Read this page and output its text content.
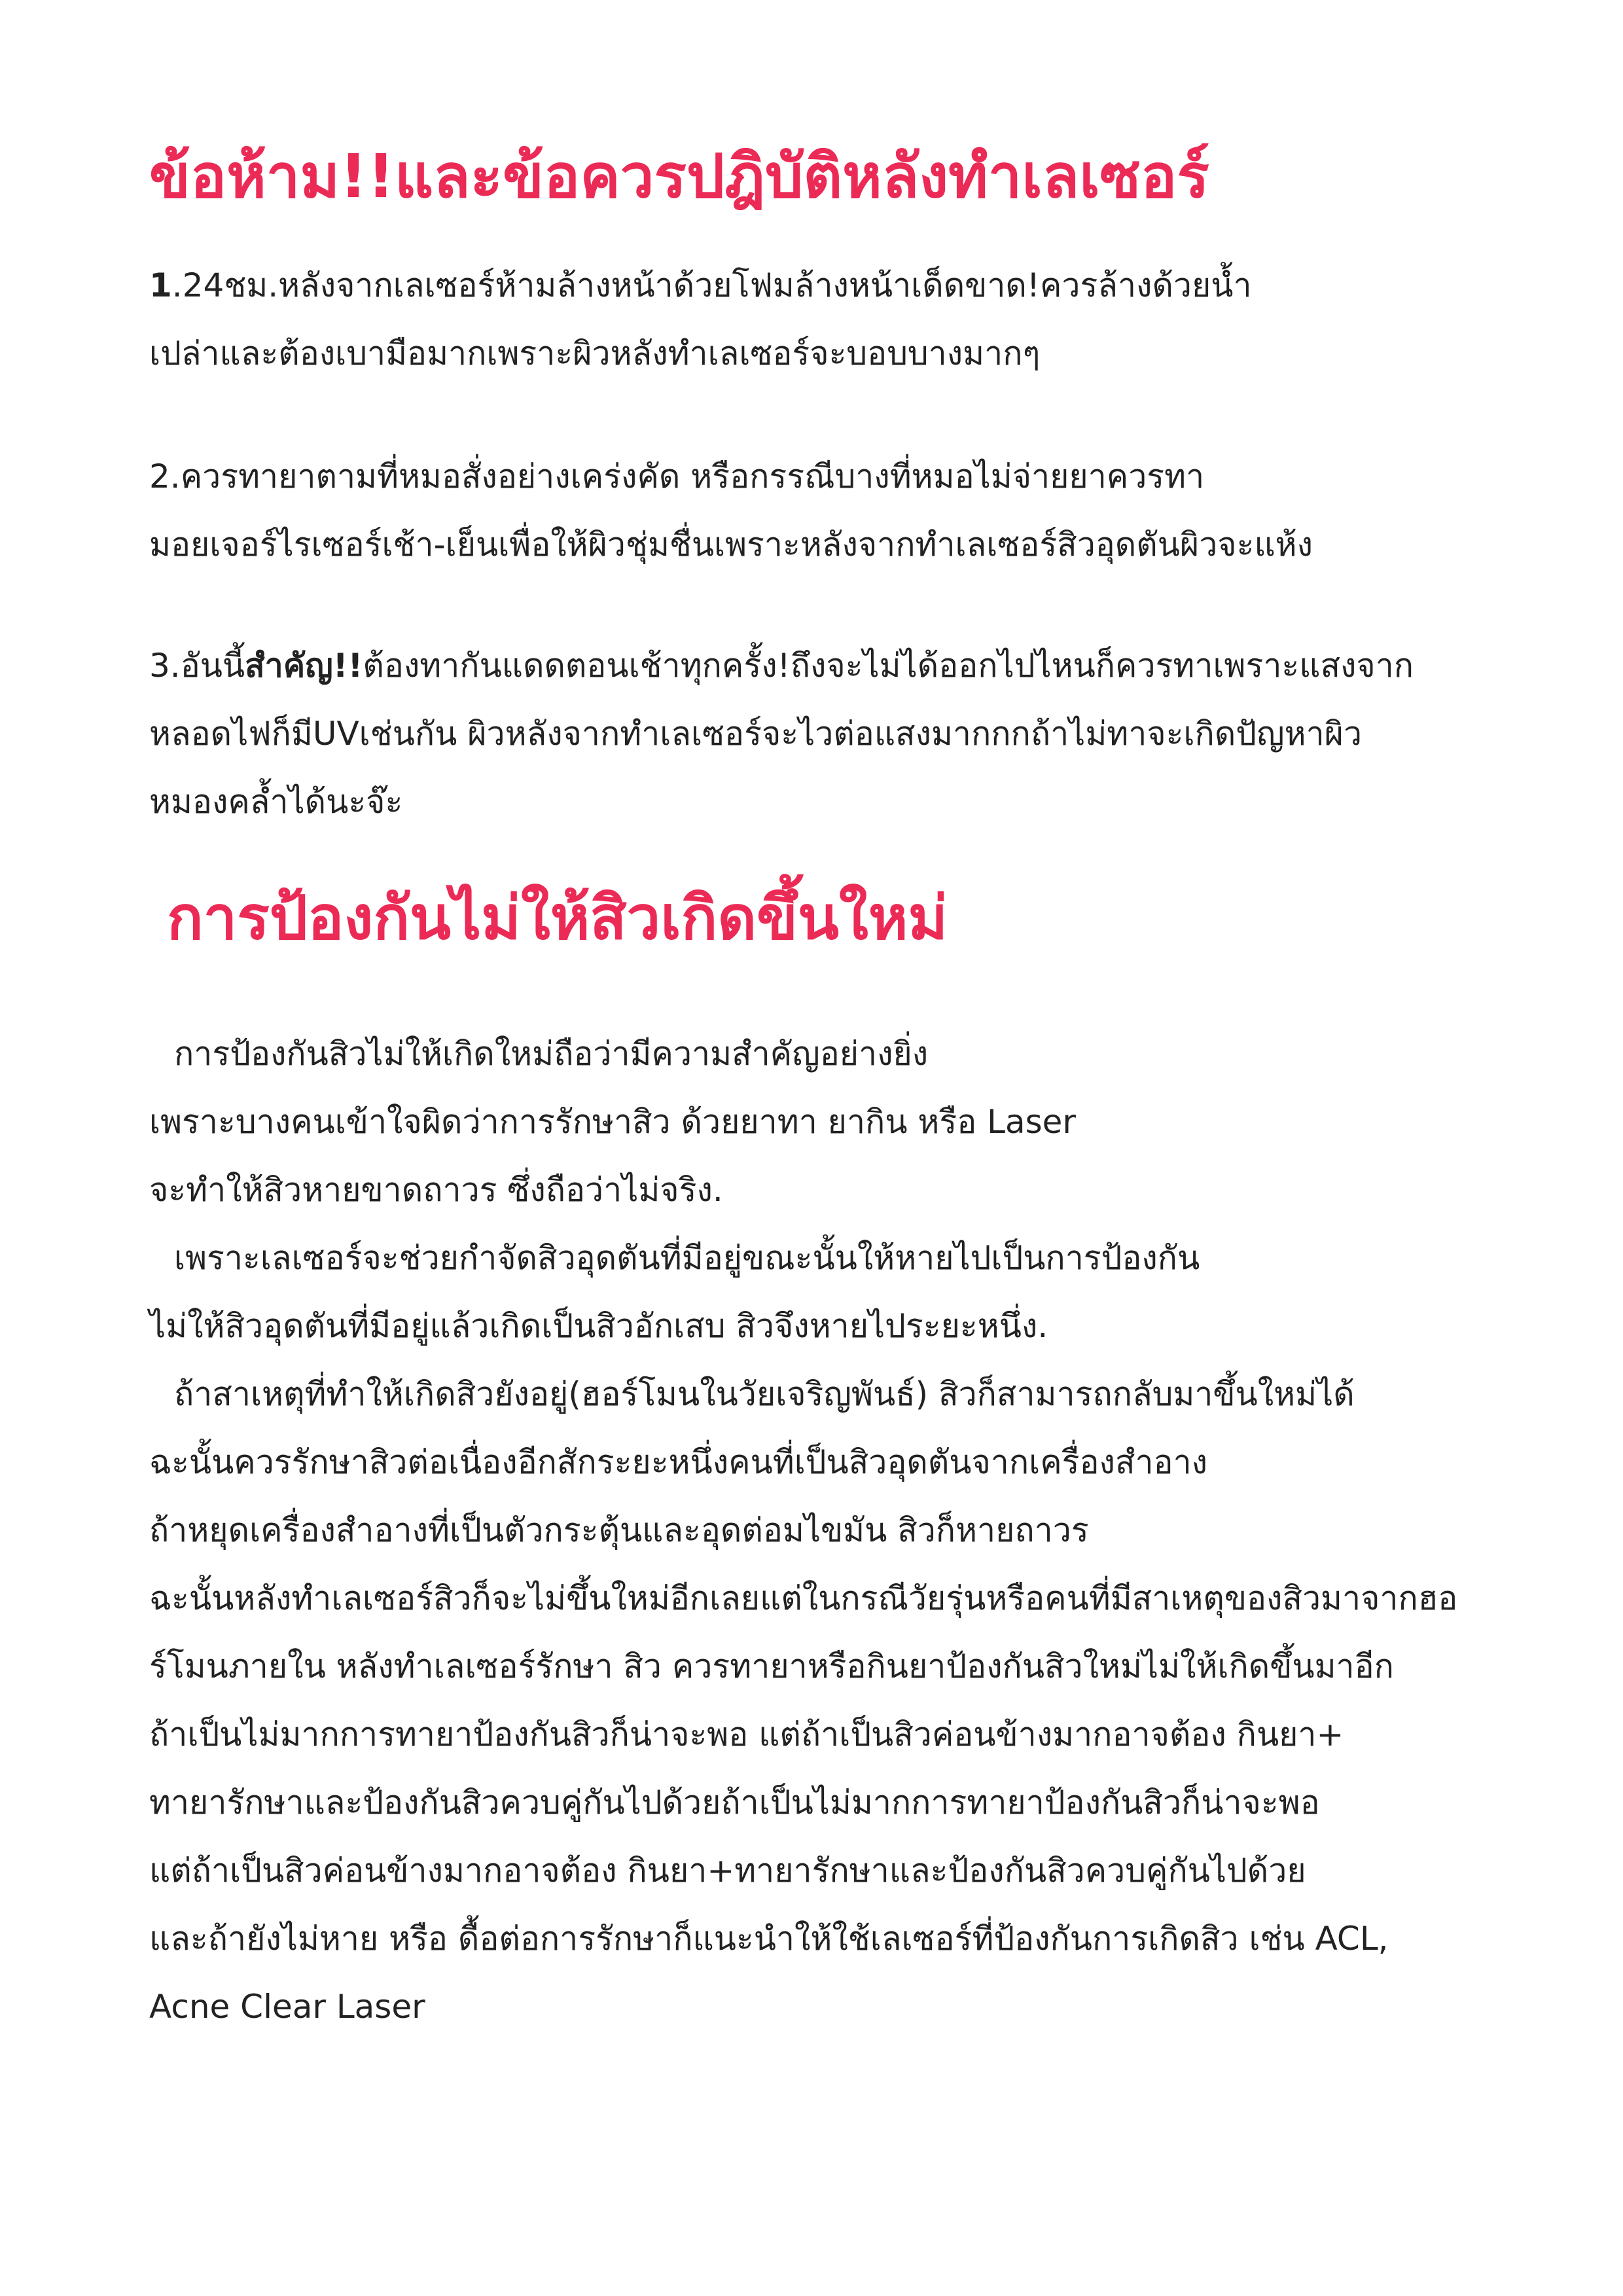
ข้อห้าม!!และข้อควรปฎิบัติหลังทำเลเซอร์

1.24ชม.หลังจากเลเซอร์ห้ามล้างหน้าด้วยโฟมล้างหน้าเด็ดขาด!ควรล้างด้วยน้ำ

เปล่าและต้องเบามือมากเพราะผิวหลังทำเลเซอร์จะบอบบางมากๆ

2.ควรทายาตามที่หมอสั่งอย่างเคร่งคัด หรือกรรณีบางที่หมอไม่จ่ายยาควรทา

มอยเจอร์ไรเซอร์เช้า-เย็นเพื่อให้ผิวชุ่มชื่นเพราะหลังจากทำเลเซอร์สิวอุดตันผิวจะแห้ง

3.อันนี้สำคัญ!!ต้องทากันแดดตอนเช้าทุกครั้ง!ถึงจะไม่ได้ออกไปไหนก็ควรทาเพราะแสงจาก

หลอดไฟก็มีUVเช่นกัน ผิวหลังจากทำเลเซอร์จะไวต่อแสงมากกกถ้าไม่ทาจะเกิดปัญหาผิว

หมองคล้ำได้นะจ๊ะ

การป้องกันไม่ให้สิวเกิดขึ้นใหม่

การป้องกันสิวไม่ให้เกิดใหม่ถือว่ามีความสำคัญอย่างยิ่ง

เพราะบางคนเข้าใจผิดว่าการรักษาสิว ด้วยยาทา ยากิน หรือ Laser

จะทำให้สิวหายขาดถาวร ซึ่งถือว่าไม่จริง.

เพราะเลเซอร์จะช่วยกำจัดสิวอุดตันที่มีอยู่ขณะนั้นให้หายไปเป็นการป้องกัน

ไม่ให้สิวอุดตันที่มีอยู่แล้วเกิดเป็นสิวอักเสบ สิวจึงหายไประยะหนึ่ง.

ถ้าสาเหตุที่ทำให้เกิดสิวยังอยู่(ฮอร์โมนในวัยเจริญพันธ์) สิวก็สามารถกลับมาขึ้นใหม่ได้

ฉะนั้นควรรักษาสิวต่อเนื่องอีกสักระยะหนึ่งคนที่เป็นสิวอุดตันจากเครื่องสำอาง

ถ้าหยุดเครื่องสำอางที่เป็นตัวกระตุ้นและอุดต่อมไขมัน สิวก็หายถาวร

ฉะนั้นหลังทำเลเซอร์สิวก็จะไม่ขึ้นใหม่อีกเลยแต่ในกรณีวัยรุ่นหรือคนที่มีสาเหตุของสิวมาจากฮอ

ร์โมนภายใน หลังทำเลเซอร์รักษา สิว ควรทายาหรือกินยาป้องกันสิวใหม่ไม่ให้เกิดขึ้นมาอีก

ถ้าเป็นไม่มากการทายาป้องกันสิวก็น่าจะพอ แต่ถ้าเป็นสิวค่อนข้างมากอาจต้อง กินยา+

ทายารักษาและป้องกันสิวควบคู่กันไปด้วยถ้าเป็นไม่มากการทายาป้องกันสิวก็น่าจะพอ

แต่ถ้าเป็นสิวค่อนข้างมากอาจต้อง กินยา+ทายารักษาและป้องกันสิวควบคู่กันไปด้วย

และถ้ายังไม่หาย หรือ ดื้อต่อการรักษาก็แนะนำให้ใช้เลเซอร์ที่ป้องกันการเกิดสิว เช่น ACL,

Acne Clear Laser
